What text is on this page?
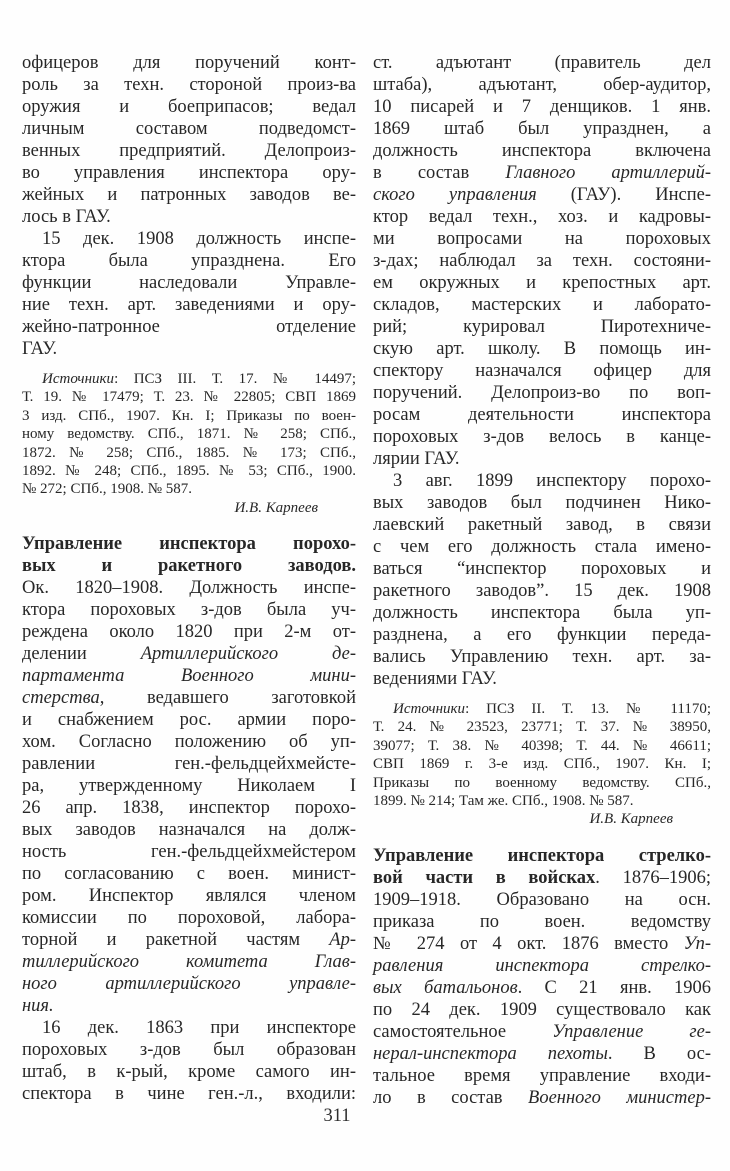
офицеров для поручений конт-
роль за техн. стороной произ-ва
оружия и боеприпасов; ведал
личным составом подведомст-
венных предприятий. Делопроиз-
во управления инспектора ору-
жейных и патронных заводов ве-
лось в ГАУ.
15 дек. 1908 должность инспе-
ктора была упразднена. Его
функции наследовали Управле-
ние техн. арт. заведениями и ору-
жейно-патронное отделение
ГАУ.
Источники: ПСЗ III. Т. 17. № 14497;
Т. 19. № 17479; Т. 23. № 22805; СВП 1869
3 изд. СПб., 1907. Кн. I; Приказы по воен-
ному ведомству. СПб., 1871. № 258; СПб.,
1872. № 258; СПб., 1885. № 173; СПб.,
1892. № 248; СПб., 1895. № 53; СПб., 1900.
№ 272; СПб., 1908. № 587.
И.В. Карпеев
Управление инспектора порохо-
вых и ракетного заводов.
Ок. 1820–1908. Должность инспе-
ктора пороховых з-дов была уч-
реждена около 1820 при 2-м от-
делении Артиллерийского де-
партамента Военного мини-
стерства, ведавшего заготовкой
и снабжением рос. армии поро-
хом. Согласно положению об уп-
равлении ген.-фельдцейхмейсте-
ра, утвержденному Николаем I
26 апр. 1838, инспектор порохо-
вых заводов назначался на долж-
ность ген.-фельдцейхмейстером
по согласованию с воен. минист-
ром. Инспектор являлся членом
комиссии по пороховой, лабора-
торной и ракетной частям Ар-
тиллерийского комитета Глав-
ного артиллерийского управле-
ния.
16 дек. 1863 при инспекторе
пороховых з-дов был образован
штаб, в к-рый, кроме самого ин-
спектора в чине ген.-л., входили:
ст. адъютант (правитель дел
штаба), адъютант, обер-аудитор,
10 писарей и 7 денщиков. 1 янв.
1869 штаб был упразднен, а
должность инспектора включена
в состав Главного артиллерий-
ского управления (ГАУ). Инспе-
ктор ведал техн., хоз. и кадровы-
ми вопросами на пороховых
з-дах; наблюдал за техн. состояни-
ем окружных и крепостных арт.
складов, мастерских и лаборато-
рий; курировал Пиротехниче-
скую арт. школу. В помощь ин-
спектору назначался офицер для
поручений. Делопроиз-во по воп-
росам деятельности инспектора
пороховых з-дов велось в канце-
лярии ГАУ.
3 авг. 1899 инспектору порохо-
вых заводов был подчинен Нико-
лаевский ракетный завод, в связи
с чем его должность стала имено-
ваться “инспектор пороховых и
ракетного заводов”. 15 дек. 1908
должность инспектора была уп-
разднена, а его функции переда-
вались Управлению техн. арт. за-
ведениями ГАУ.
Источники: ПСЗ II. Т. 13. № 11170;
Т. 24. № 23523, 23771; Т. 37. № 38950,
39077; Т. 38. № 40398; Т. 44. № 46611;
СВП 1869 г. 3-е изд. СПб., 1907. Кн. I;
Приказы по военному ведомству. СПб.,
1899. № 214; Там же. СПб., 1908. № 587.
И.В. Карпеев
Управление инспектора стрелко-
вой части в войсках. 1876–1906;
1909–1918. Образовано на осн.
приказа по воен. ведомству
№ 274 от 4 окт. 1876 вместо Уп-
равления инспектора стрелко-
вых батальонов. С 21 янв. 1906
по 24 дек. 1909 существовало как
самостоятельное Управление ге-
нерал-инспектора пехоты. В ос-
тальное время управление входи-
ло в состав Военного министер-
311
